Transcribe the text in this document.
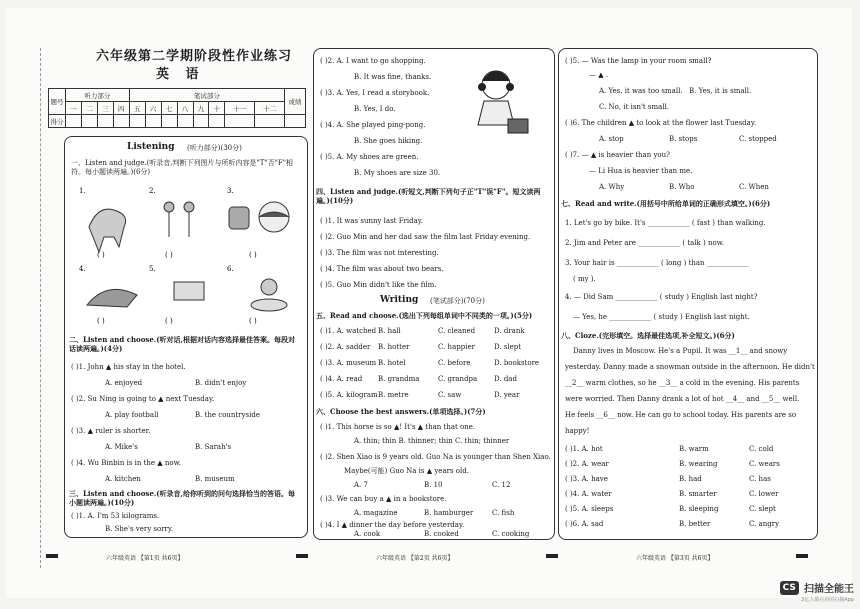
六年级第二学期阶段性作业练习
英 语
题号	听力部分				笔试部分								成绩
	一	二	三	四	五	六	七	八	九	十	十一	十二	
得分													
Listening (听力部分)(30分)
一、Listen and judge.(听录音,判断下列图片与所听内容是"T"否"F"相符。每小题读两遍。)(6分)
1.	2.	3.
( )	( )	( )
4.	5.	6.
( )	( )	( )
二、Listen and choose.(听对话,根据对话内容选择最佳答案。每段对话读两遍。)(4分)
( )1. John ▲ his stay in the hotel.
A. enjoyed	B. didn't enjoy
( )2. Su Ning is going to ▲ next Tuesday.
A. play football	B. the countryside
( )3. ▲ ruler is shorter.
A. Mike's	B. Sarah's
( )4. Wu Binbin is in the ▲ now.
A. kitchen	B. museum
三、Listen and choose.(听录音,给你听到的问句选择恰当的答语。每小题读两遍。)(10分)
( )1. A. I'm 53 kilograms.
B. She's very sorry.
( )2. A. I want to go shopping.
B. It was fine, thanks.
( )3. A. Yes, I read a storybook.
B. Yes, I do.
( )4. A. She played ping-pong.
B. She goes hiking.
( )5. A. My shoes are green.
B. My shoes are size 30.
四、Listen and judge.(听短文,判断下列句子正"T"误"F"。短文读两遍。)(10分)
( )1. It was sunny last Friday.
( )2. Guo Min and her dad saw the film last Friday evening.
( )3. The film was not interesting.
( )4. The film was about two bears.
( )5. Guo Min didn't like the film.
Writing (笔试部分)(70分)
五、Read and choose.(选出下列每组单词中不同类的一项。)(5分)
( )1. A. watched B. hall	C. cleaned	D. drank
( )2. A. sadder B. hotter	C. happier	D. slept
( )3. A. museum B. hotel	C. before	D. bookstore
( )4. A. read B. grandma	C. grandpa D. dad
( )5. A. kilogram B. metre	C. saw	D. year
六、Choose the best answers.(单项选择。)(7分)
( )1. This horse is so ▲! It's ▲ than that one.
A. thin; thin B. thinner; thin C. thin; thinner
( )2. Shen Xiao is 9 years old. Guo Na is younger than Shen Xiao.
Maybe(可能) Guo Na is ▲ years old.
A. 7	B. 10	C. 12
( )3. We can buy a ▲ in a bookstore.
A. magazine	B. hamburger	C. fish
( )4. I ▲ dinner the day before yesterday.
A. cook	B. cooked	C. cooking
( )5. — Was the lamp in your room small?
— ▲ .
A. Yes, it was too small. B. Yes, it is small.
C. No, it isn't small.
( )6. The children ▲ to look at the flower last Tuesday.
A. stop	B. stops	C. stopped
( )7. — ▲ is heavier than you?
— Li Hua is heavier than me.
A. Why	B. Who	C. When
七、Read and write.(用括号中所给单词的正确形式填空。)(6分)
1. Let's go by bike. It's ____________ ( fast ) than walking.
2. Jim and Peter are ____________ ( talk ) now.
3. Your hair is ____________ ( long ) than ____________
( my ).
4. — Did Sam ____________ ( study ) English last night?
— Yes, he ____________ ( study ) English last night.
八、Cloze.(完形填空。选择最佳选项,补全短文。)(6分)
Danny lives in Moscow. He's a Pupil. It was __1__ and snowy
yesterday. Danny made a snowman outside in the afternoon. He didn't
__2__ warm clothes, so he __3__ a cold in the evening. His parents
were worried. Then Danny drank a lot of hot __4__ and __5__ well.
He feels __6__ now. He can go to school today. His parents are so
happy!
( )1. A. hot	B. warm	C. cold
( )2. A. wear	B. wearing	C. wears
( )3. A. have	B. had	C. has
( )4. A. water	B. smarter	C. lower
( )5. A. sleeps	B. sleeping	C. slept
( )6. A. sad	B. better	C. angry
六年级英语 【第1页 共6页】	六年级英语 【第2页 共6页】	六年级英语 【第3页 共6页】
CS 扫描全能王
3亿人都在用的扫描App
